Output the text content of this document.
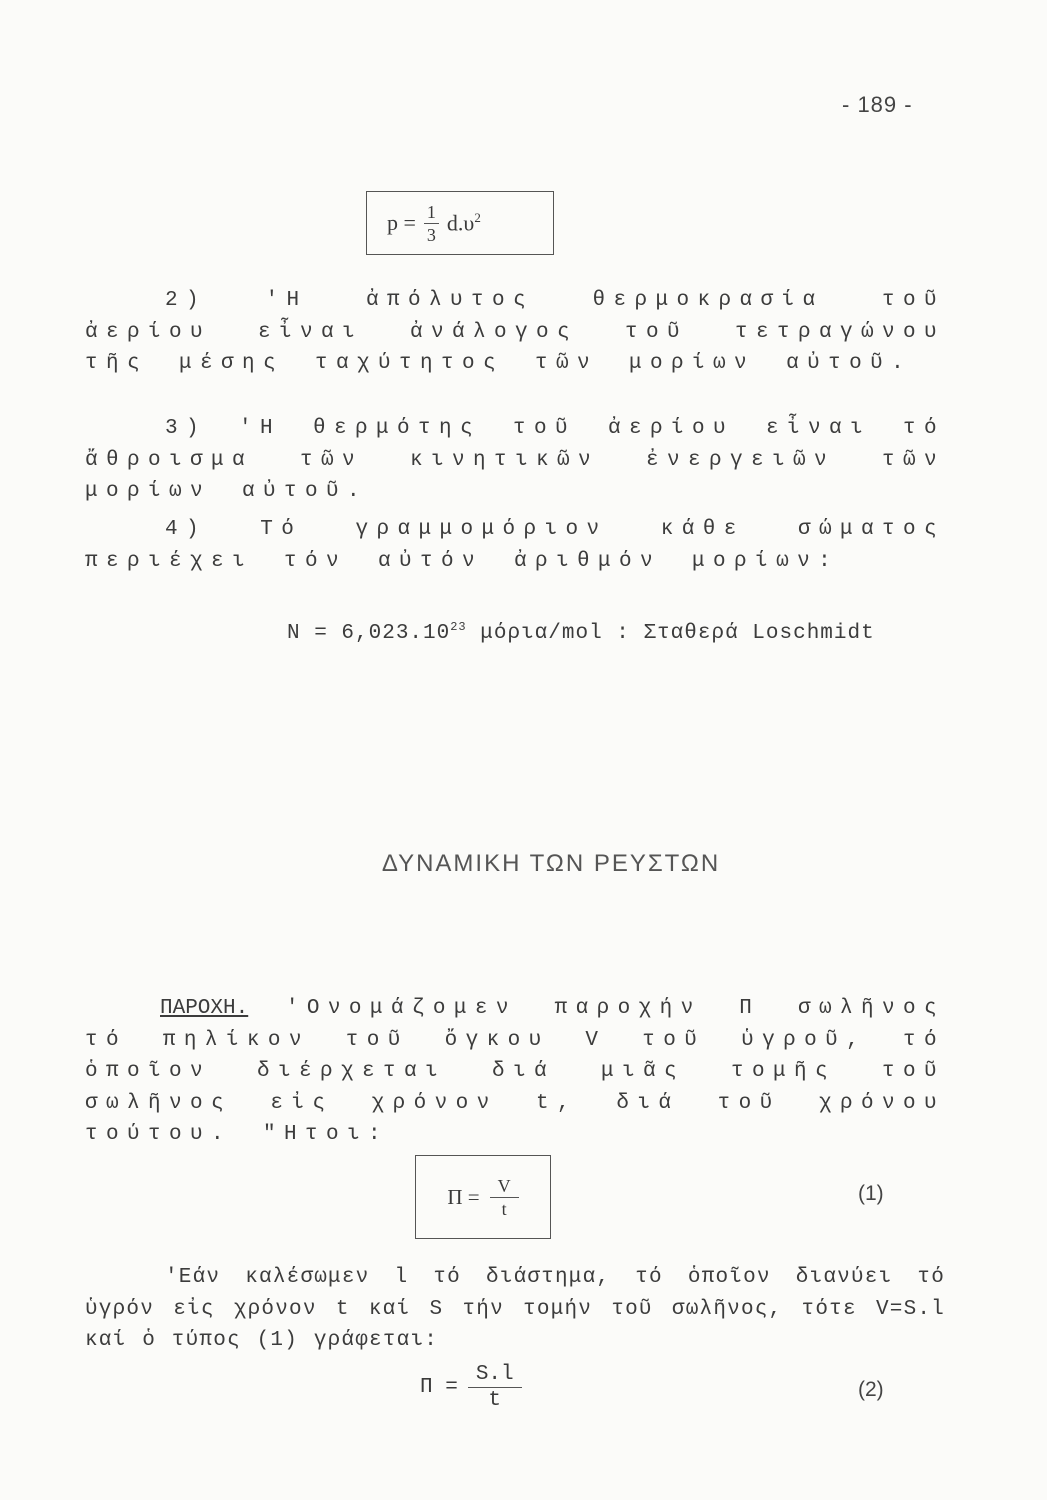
- 189 -
$p = \frac{1}{3} d.\upsilon^2$

2) 'Η ἀπόλυτος θερμοκρασία τοῦ ἀερίου εἶναι ἀνάλογος τοῦ τετραγώνου τῆς μέσης ταχύτητος τῶν μορίων αὐτοῦ.

3) 'Η θερμότης τοῦ ἀερίου εἶναι τό ἄθροισμα τῶν κινητικῶν ἐνεργειῶν τῶν μορίων αὐτοῦ.

4) Τό γραμμομόριον κάθε σώματος περιέχει τόν αὐτόν ἀριθμόν μορίων:

$N = 6,023.10^{23}$ μόρια/mol : Σταθερά Loschmidt
ΔΥΝΑΜΙΚΗ ΤΩΝ ΡΕΥΣΤΩΝ

ΠΑΡΟΧΗ. 'Ονομάζομεν παροχήν Π σωλῆνος τό πηλίκον τοῦ ὄγκου V τοῦ ὑγροῦ, τό ὁποῖον διέρχεται διά μιᾶς τομῆς τοῦ σωλῆνος εἰς χρόνον t, διά τοῦ χρόνου τούτου. "Ητοι:

$\Pi = \frac{V}{t}$	(1)

'Εάν καλέσωμεν l τό διάστημα, τό ὁποῖον διανύει τό ὑγρόν εἰς χρόνον t καί S τήν τομήν τοῦ σωλῆνος, τότε V=S.l καί ὁ τύπος (1) γράφεται:

$\Pi = \frac{S.l}{t}$	(2)
